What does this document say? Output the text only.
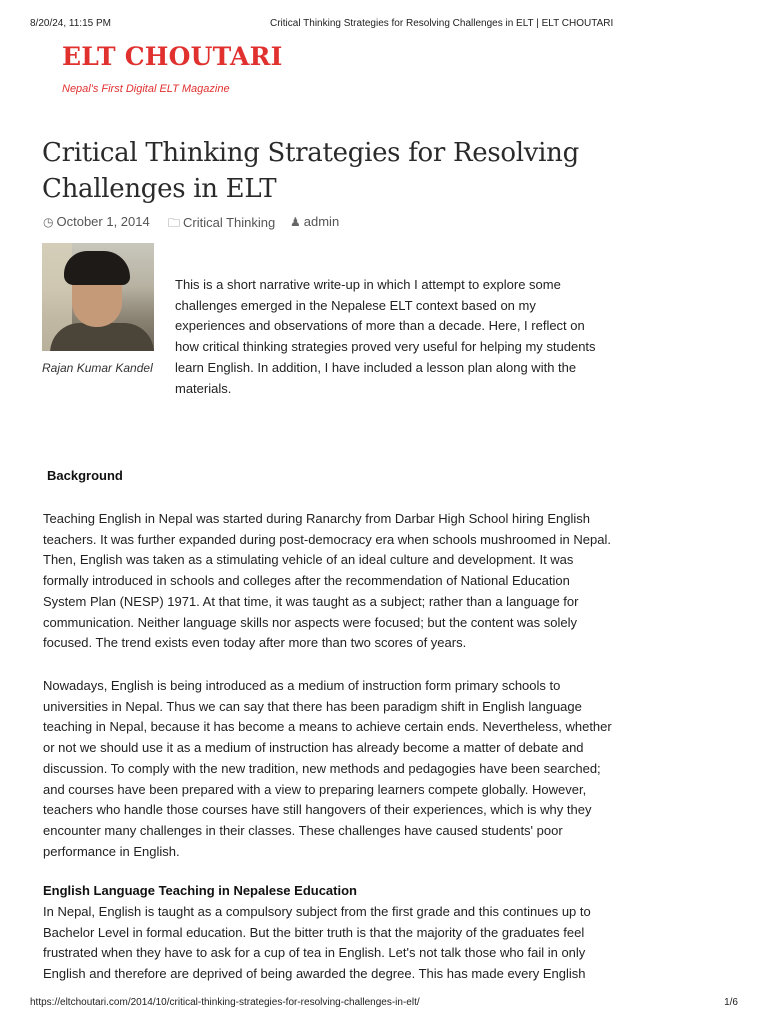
8/20/24, 11:15 PM	Critical Thinking Strategies for Resolving Challenges in ELT | ELT CHOUTARI
ELT CHOUTARI
Nepal's First Digital ELT Magazine
Critical Thinking Strategies for Resolving Challenges in ELT
◷ October 1, 2014 🗀 Critical Thinking ♟ admin
Rajan Kumar Kandel

This is a short narrative write-up in which I attempt to explore some challenges emerged in the Nepalese ELT context based on my experiences and observations of more than a decade. Here, I reflect on how critical thinking strategies proved very useful for helping my students learn English. In addition, I have included a lesson plan along with the materials.

Background

Teaching English in Nepal was started during Ranarchy from Darbar High School hiring English teachers. It was further expanded during post-democracy era when schools mushroomed in Nepal. Then, English was taken as a stimulating vehicle of an ideal culture and development. It was formally introduced in schools and colleges after the recommendation of National Education System Plan (NESP) 1971. At that time, it was taught as a subject; rather than a language for communication. Neither language skills nor aspects were focused; but the content was solely focused. The trend exists even today after more than two scores of years.

Nowadays, English is being introduced as a medium of instruction form primary schools to universities in Nepal. Thus we can say that there has been paradigm shift in English language teaching in Nepal, because it has become a means to achieve certain ends. Nevertheless, whether or not we should use it as a medium of instruction has already become a matter of debate and discussion. To comply with the new tradition, new methods and pedagogies have been searched; and courses have been prepared with a view to preparing learners compete globally. However, teachers who handle those courses have still hangovers of their experiences, which is why they encounter many challenges in their classes. These challenges have caused students' poor performance in English.

English Language Teaching in Nepalese Education

In Nepal, English is taught as a compulsory subject from the first grade and this continues up to Bachelor Level in formal education. But the bitter truth is that the majority of the graduates feel frustrated when they have to ask for a cup of tea in English. Let's not talk those who fail in only English and therefore are deprived of being awarded the degree. This has made every English

https://eltchoutari.com/2014/10/critical-thinking-strategies-for-resolving-challenges-in-elt/	1/6
